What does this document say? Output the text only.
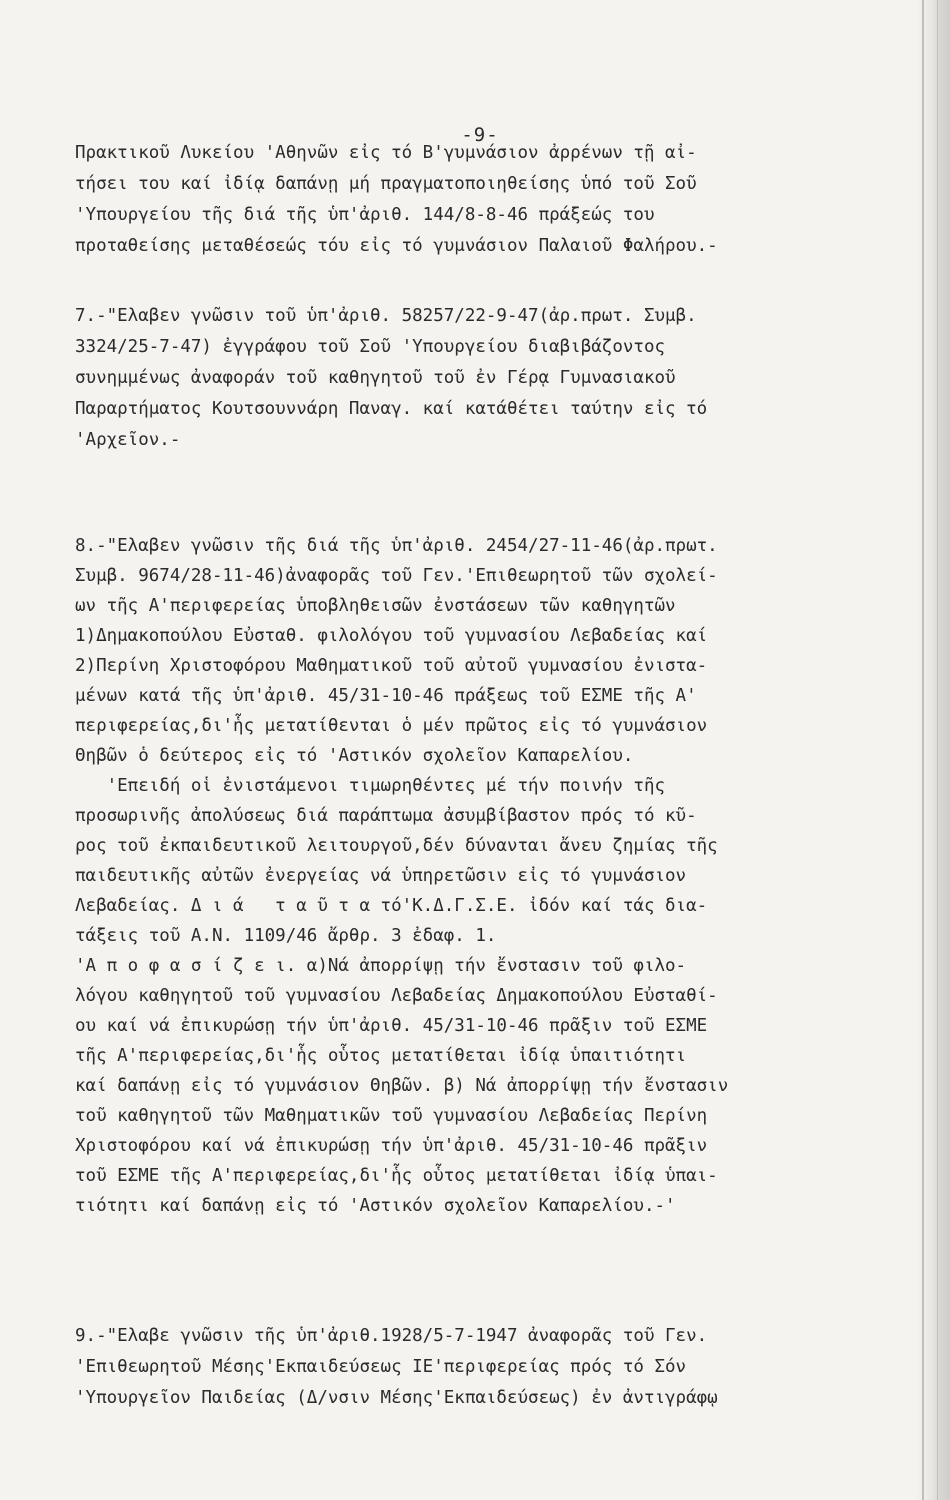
-9-
Πρακτικοῦ Λυκείου 'Αθηνῶν εἰς τό Β'γυμνάσιον ἀρρένων τῇ αἰ-
τήσει του καί ἰδίᾳ δαπάνῃ μή πραγματοποιηθείσης ὑπό τοῦ Σοῦ
'Υπουργείου τῆς διά τῆς ὑπ'ἀριθ. 144/8-8-46 πράξεώς του
προταθείσης μεταθέσεώς τόυ εἰς τό γυμνάσιον Παλαιοῦ Φαλήρου.-
7.-"Ελαβεν γνῶσιν τοῦ ὑπ'ἀριθ. 58257/22-9-47(ἀρ.πρωτ. Συμβ.
3324/25-7-47) ἐγγράφου τοῦ Σοῦ 'Υπουργείου διαβιβάζοντος
συνημμένως ἀναφοράν τοῦ καθηγητοῦ τοῦ ἐν Γέρᾳ Γυμνασιακοῦ
Παραρτήματος Κουτσουννάρη Παναγ. καί κατάθέτει ταύτην εἰς τό
'Αρχεῖον.-
8.-"Ελαβεν γνῶσιν τῆς διά τῆς ὑπ'ἀριθ. 2454/27-11-46(ἀρ.πρωτ.
Συμβ. 9674/28-11-46)ἀναφορᾶς τοῦ Γεν.'Επιθεωρητοῦ τῶν σχολεί-
ων τῆς Α'περιφερείας ὑποβληθεισῶν ἐνστάσεων τῶν καθηγητῶν
1)Δημακοπούλου Εὐσταθ. φιλολόγου τοῦ γυμνασίου Λεβαδείας καί
2)Περίνη Χριστοφόρου Μαθηματικοῦ τοῦ αὐτοῦ γυμνασίου ἐνιστα-
μένων κατά τῆς ὑπ'ἀριθ. 45/31-10-46 πράξεως τοῦ ΕΣΜΕ τῆς Α'
περιφερείας,δι'ἧς μετατίθενται ὁ μέν πρῶτος εἰς τό γυμνάσιον
Θηβῶν ὁ δεύτερος εἰς τό 'Αστικόν σχολεῖον Καπαρελίου.
'Επειδή οἱ ἐνιστάμενοι τιμωρηθέντες μέ τήν ποινήν τῆς
προσωρινῆς ἀπολύσεως διά παράπτωμα ἀσυμβίβαστον πρός τό κῦ-
ρος τοῦ ἐκπαιδευτικοῦ λειτουργοῦ,δέν δύνανται ἄνευ ζημίας τῆς
παιδευτικῆς αὐτῶν ἐνεργείας νά ὑπηρετῶσιν εἰς τό γυμνάσιον
Λεβαδείας. Δ ι ά   τ α ῦ τ α τό'Κ.Δ.Γ.Σ.Ε. ἰδόν καί τάς δια-
τάξεις τοῦ Α.Ν. 1109/46 ἄρθρ. 3 ἐδαφ. 1.
'Α π ο φ α σ ί ζ ε ι. α)Νά ἀπορρίψῃ τήν ἔνστασιν τοῦ φιλο-
λόγου καθηγητοῦ τοῦ γυμνασίου Λεβαδείας Δημακοπούλου Εὐσταθί-
ου καί νά ἐπικυρώσῃ τήν ὑπ'ἀριθ. 45/31-10-46 πρᾶξιν τοῦ ΕΣΜΕ
τῆς Α'περιφερείας,δι'ἧς οὗτος μετατίθεται ἰδίᾳ ὑπαιτιότητι
καί δαπάνῃ εἰς τό γυμνάσιον Θηβῶν. β) Νά ἀπορρίψῃ τήν ἔνστασιν
τοῦ καθηγητοῦ τῶν Μαθηματικῶν τοῦ γυμνασίου Λεβαδείας Περίνη
Χριστοφόρου καί νά ἐπικυρώσῃ τήν ὑπ'ἀριθ. 45/31-10-46 πρᾶξιν
τοῦ ΕΣΜΕ τῆς Α'περιφερείας,δι'ἧς οὗτος μετατίθεται ἰδίᾳ ὑπαι-
τιότητι καί δαπάνῃ εἰς τό 'Αστικόν σχολεῖον Καπαρελίου.-'
9.-"Ελαβε γνῶσιν τῆς ὑπ'ἀριθ.1928/5-7-1947 ἀναφορᾶς τοῦ Γεν.
'Επιθεωρητοῦ Μέσης'Εκπαιδεύσεως ΙΕ'περιφερείας πρός τό Σόν
'Υπουργεῖον Παιδείας (Δ/νσιν Μέσης'Εκπαιδεύσεως) ἐν ἀντιγράφῳ
